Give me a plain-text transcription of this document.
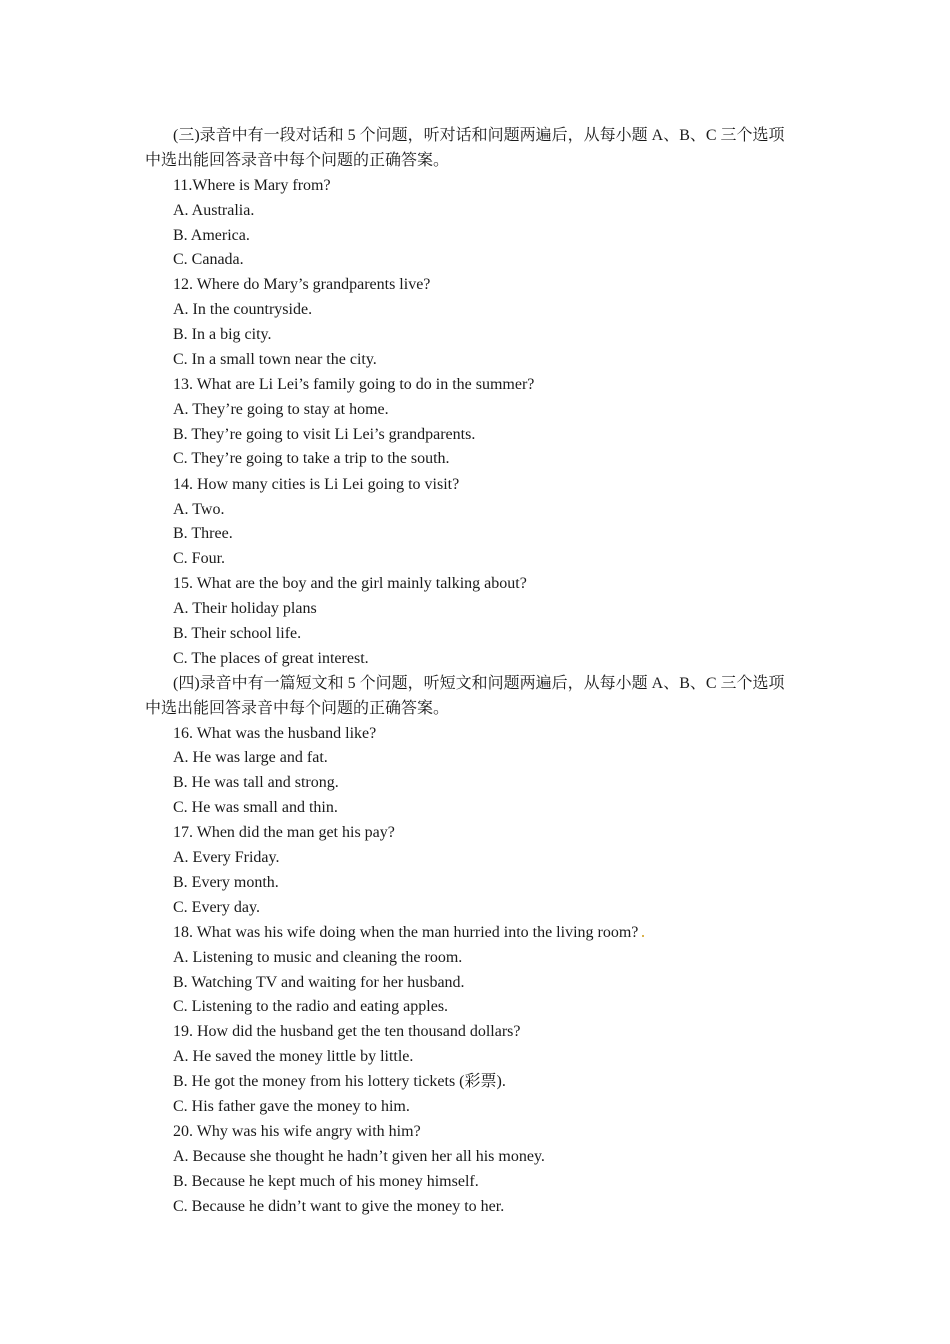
(三)录音中有一段对话和 5 个问题，听对话和问题两遍后，从每小题 A、B、C 三个选项
中选出能回答录音中每个问题的正确答案。
11.Where is Mary from?
A. Australia.
B. America.
C. Canada.
12. Where do Mary’s grandparents live?
A. In the countryside.
B. In a big city.
C. In a small town near the city.
13. What are Li Lei’s family going to do in the summer?
A. They’re going to stay at home.
B. They’re going to visit Li Lei’s grandparents.
C. They’re going to take a trip to the south.
14. How many cities is Li Lei going to visit?
A. Two.
B. Three.
C. Four.
15. What are the boy and the girl mainly talking about?
A. Their holiday plans
B. Their school life.
C. The places of great interest.
(四)录音中有一篇短文和 5 个问题，听短文和问题两遍后，从每小题 A、B、C 三个选项
中选出能回答录音中每个问题的正确答案。
16. What was the husband like?
A. He was large and fat.
B. He was tall and strong.
C. He was small and thin.
17. When did the man get his pay?
A. Every Friday.
B. Every month.
C. Every day.
18. What was his wife doing when the man hurried into the living room?
A. Listening to music and cleaning the room.
B. Watching TV and waiting for her husband.
C. Listening to the radio and eating apples.
19. How did the husband get the ten thousand dollars?
A. He saved the money little by little.
B. He got the money from his lottery tickets (彩票).
C. His father gave the money to him.
20. Why was his wife angry with him?
A. Because she thought he hadn’t given her all his money.
B. Because he kept much of his money himself.
C. Because he didn’t want to give the money to her.
